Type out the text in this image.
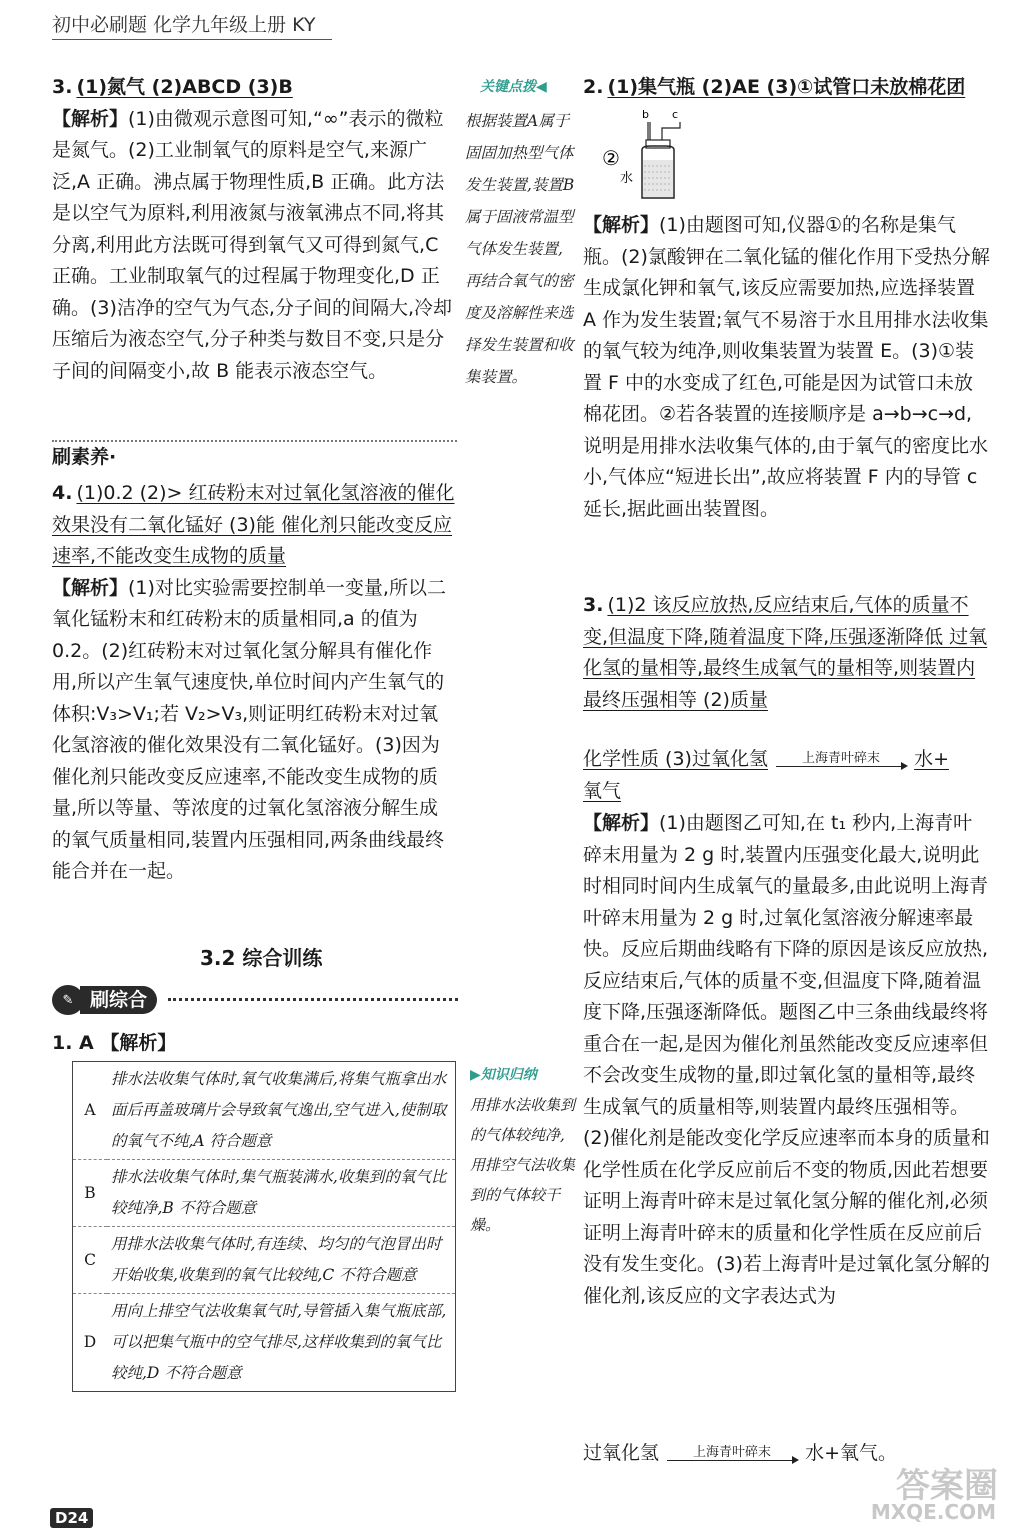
初中必刷题 化学九年级上册 KY
3. (1)氮气 (2)ABCD (3)B
【解析】(1)由微观示意图可知,“∞”表示的微粒是氮气。(2)工业制氧气的原料是空气,来源广泛,A 正确。沸点属于物理性质,B 正确。此方法是以空气为原料,利用液氮与液氧沸点不同,将其分离,利用此方法既可得到氧气又可得到氮气,C 正确。工业制取氧气的过程属于物理变化,D 正确。(3)洁净的空气为气态,分子间的间隔大,冷却压缩后为液态空气,分子种类与数目不变,只是分子间的间隔变小,故 B 能表示液态空气。
刷素养·
4. (1)0.2 (2)> 红砖粉末对过氧化氢溶液的催化效果没有二氧化锰好 (3)能 催化剂只能改变反应速率,不能改变生成物的质量
【解析】(1)对比实验需要控制单一变量,所以二氧化锰粉末和红砖粉末的质量相同,a 的值为0.2。(2)红砖粉末对过氧化氢分解具有催化作用,所以产生氧气速度快,单位时间内产生氧气的体积:V₃>V₁;若 V₂>V₃,则证明红砖粉末对过氧化氢溶液的催化效果没有二氧化锰好。(3)因为催化剂只能改变反应速率,不能改变生成物的质量,所以等量、等浓度的过氧化氢溶液分解生成的氧气质量相同,装置内压强相同,两条曲线最终能合并在一起。
3.2 综合训练
✎ 刷综合
1. A 【解析】
A	排水法收集气体时,氧气收集满后,将集气瓶拿出水面后再盖玻璃片会导致氧气逸出,空气进入,使制取的氧气不纯,A 符合题意
B	排水法收集气体时,集气瓶装满水,收集到的氧气比较纯净,B 不符合题意
C	用排水法收集气体时,有连续、均匀的气泡冒出时开始收集,收集到的氧气比较纯,C 不符合题意
D	用向上排空气法收集氧气时,导管插入集气瓶底部,可以把集气瓶中的空气排尽,这样收集到的氧气比较纯,D 不符合题意
D24
关键点拨◀
根据装置A属于固固加热型气体发生装置,装置B属于固液常温型气体发生装置,再结合氧气的密度及溶解性来选择发生装置和收集装置。
▶知识归纳
用排水法收集到的气体较纯净,用排空气法收集到的气体较干燥。
2. (1)集气瓶 (2)AE (3)①试管口未放棉花团
②
b c
水
【解析】(1)由题图可知,仪器①的名称是集气瓶。(2)氯酸钾在二氧化锰的催化作用下受热分解生成氯化钾和氧气,该反应需要加热,应选择装置 A 作为发生装置;氧气不易溶于水且用排水法收集的氧气较为纯净,则收集装置为装置 E。(3)①装置 F 中的水变成了红色,可能是因为试管口未放棉花团。②若各装置的连接顺序是 a→b→c→d,说明是用排水法收集气体的,由于氧气的密度比水小,气体应“短进长出”,故应将装置 F 内的导管 c 延长,据此画出装置图。
3. (1)2 该反应放热,反应结束后,气体的质量不变,但温度下降,随着温度下降,压强逐渐降低 过氧化氢的量相等,最终生成氧气的量相等,则装置内最终压强相等 (2)质量
化学性质 (3)过氧化氢	上海青叶碎末 水+
氧气
【解析】(1)由题图乙可知,在 t₁ 秒内,上海青叶碎末用量为 2 g 时,装置内压强变化最大,说明此时相同时间内生成氧气的量最多,由此说明上海青叶碎末用量为 2 g 时,过氧化氢溶液分解速率最快。反应后期曲线略有下降的原因是该反应放热,反应结束后,气体的质量不变,但温度下降,随着温度下降,压强逐渐降低。题图乙中三条曲线最终将重合在一起,是因为催化剂虽然能改变反应速率但不会改变生成物的量,即过氧化氢的量相等,最终生成氧气的质量相等,则装置内最终压强相等。(2)催化剂是能改变化学反应速率而本身的质量和化学性质在化学反应前后不变的物质,因此若想要证明上海青叶碎末是过氧化氢分解的催化剂,必须证明上海青叶碎末的质量和化学性质在反应前后没有发生变化。(3)若上海青叶是过氧化氢分解的催化剂,该反应的文字表达式为
过氧化氢	上海青叶碎末 水+氧气。
答案圈
MXQE.COM
